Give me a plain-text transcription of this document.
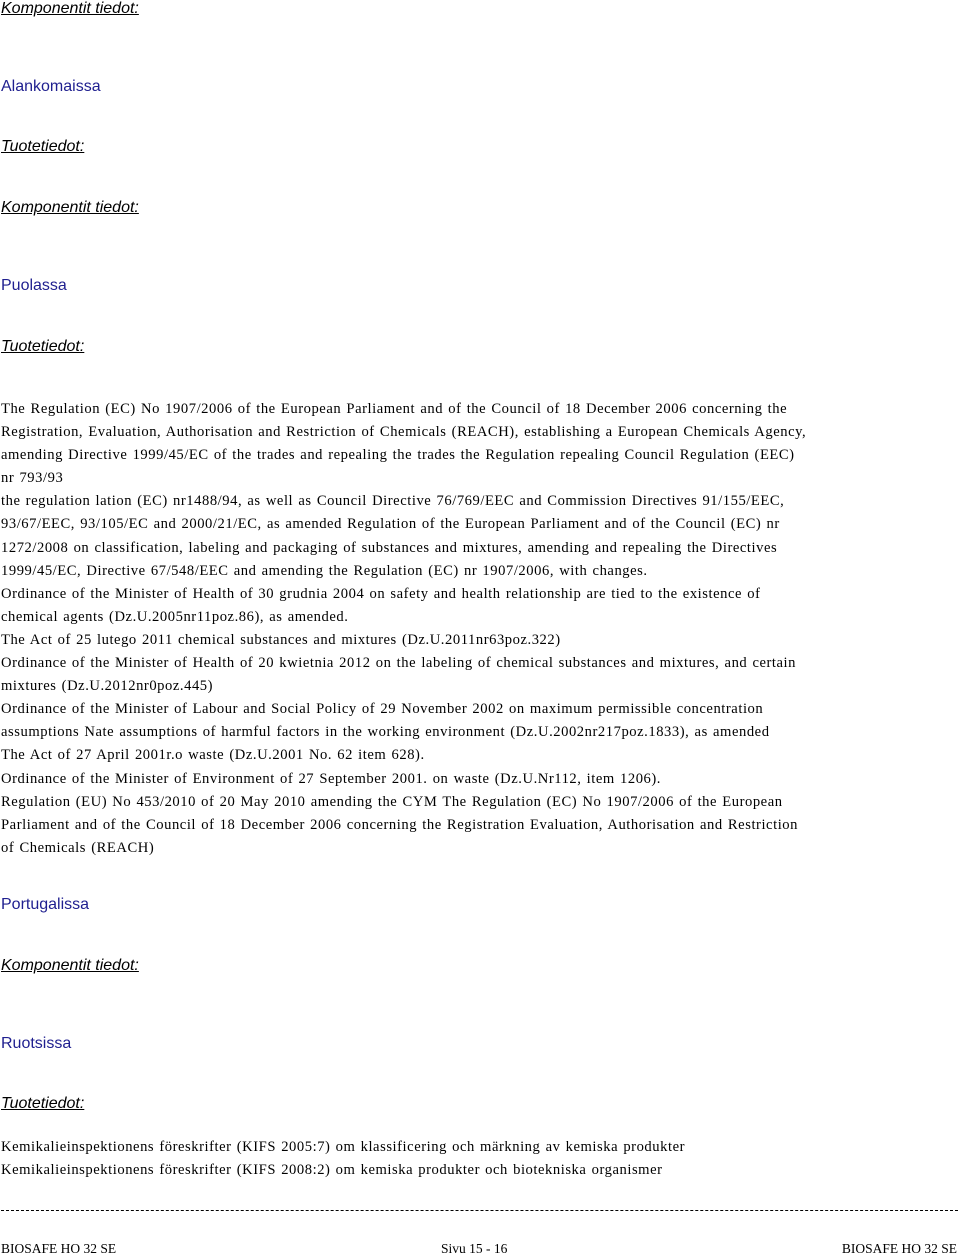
Komponentit tiedot:
Alankomaissa
Tuotetiedot:
Komponentit tiedot:
Puolassa
Tuotetiedot:
The Regulation (EC) No 1907/2006 of the European Parliament and of the Council of 18 December 2006 concerning the
Registration, Evaluation, Authorisation and Restriction of Chemicals (REACH), establishing a European Chemicals Agency,
amending Directive 1999/45/EC of the trades and repealing the trades the Regulation repealing Council Regulation (EEC)
nr 793/93
the regulation lation (EC) nr1488/94, as well as Council Directive 76/769/EEC and Commission Directives 91/155/EEC,
93/67/EEC, 93/105/EC and 2000/21/EC, as amended Regulation of the European Parliament and of the Council (EC) nr
1272/2008 on classification, labeling and packaging of substances and mixtures, amending and repealing the Directives
1999/45/EC, Directive 67/548/EEC and amending the Regulation (EC) nr 1907/2006, with changes.
Ordinance of the Minister of Health of 30 grudnia 2004 on safety and health relationship are tied to the existence of
chemical agents (Dz.U.2005nr11poz.86), as amended.
The Act of 25 lutego 2011 chemical substances and mixtures (Dz.U.2011nr63poz.322)
Ordinance of the Minister of Health of 20 kwietnia 2012 on the labeling of chemical substances and mixtures, and certain
mixtures (Dz.U.2012nr0poz.445)
Ordinance of the Minister of Labour and Social Policy of 29 November 2002 on maximum permissible concentration
assumptions Nate assumptions of harmful factors in the working environment (Dz.U.2002nr217poz.1833), as amended
The Act of 27 April 2001r.o waste (Dz.U.2001 No. 62 item 628).
Ordinance of the Minister of Environment of 27 September 2001. on waste (Dz.U.Nr112, item 1206).
Regulation (EU) No 453/2010 of 20 May 2010 amending the CYM The Regulation (EC) No 1907/2006 of the European
Parliament and of the Council of 18 December 2006 concerning the Registration Evaluation, Authorisation and Restriction
of Chemicals (REACH)
Portugalissa
Komponentit tiedot:
Ruotsissa
Tuotetiedot:
Kemikalieinspektionens föreskrifter (KIFS 2005:7) om klassificering och märkning av kemiska produkter
Kemikalieinspektionens föreskrifter (KIFS 2008:2) om kemiska produkter och biotekniska organismer
BIOSAFE HO 32 SE	Sivu 15 - 16	BIOSAFE HO 32 SE
